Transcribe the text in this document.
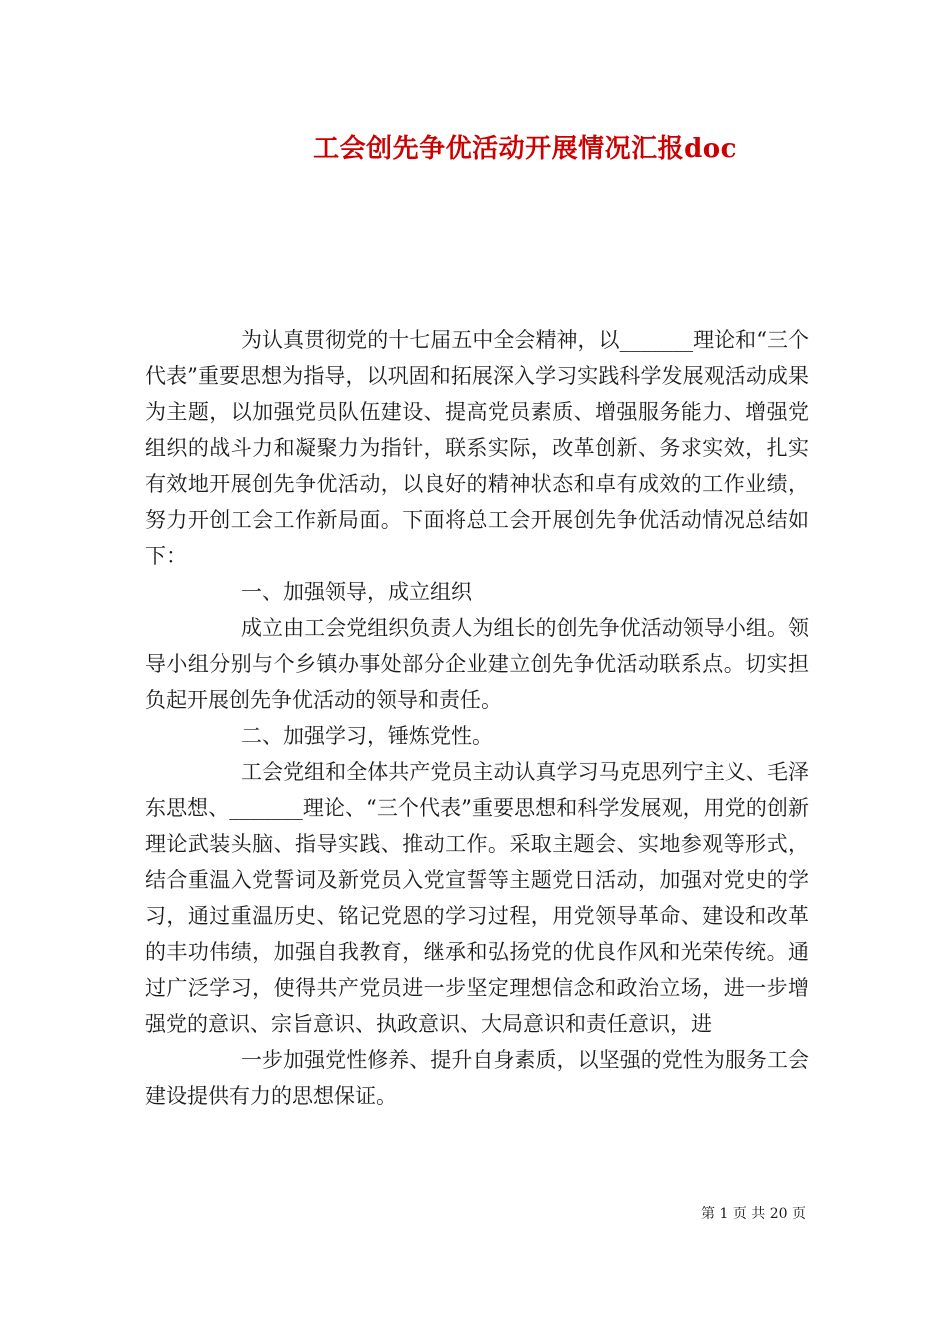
工会创先争优活动开展情况汇报doc

为认真贯彻党的十七届五中全会精神，以_______理论和“三个代表”重要思想为指导，以巩固和拓展深入学习实践科学发展观活动成果为主题，以加强党员队伍建设、提高党员素质、增强服务能力、增强党组织的战斗力和凝聚力为指针，联系实际，改革创新、务求实效，扎实有效地开展创先争优活动，以良好的精神状态和卓有成效的工作业绩，努力开创工会工作新局面。下面将总工会开展创先争优活动情况总结如下：

一、加强领导，成立组织

成立由工会党组织负责人为组长的创先争优活动领导小组。领导小组分别与个乡镇办事处部分企业建立创先争优活动联系点。切实担负起开展创先争优活动的领导和责任。

二、加强学习，锤炼党性。

工会党组和全体共产党员主动认真学习马克思列宁主义、毛泽东思想、_______理论、“三个代表”重要思想和科学发展观，用党的创新理论武装头脑、指导实践、推动工作。采取主题会、实地参观等形式，结合重温入党誓词及新党员入党宣誓等主题党日活动，加强对党史的学习，通过重温历史、铭记党恩的学习过程，用党领导革命、建设和改革的丰功伟绩，加强自我教育，继承和弘扬党的优良作风和光荣传统。通过广泛学习，使得共产党员进一步坚定理想信念和政治立场，进一步增强党的意识、宗旨意识、执政意识、大局意识和责任意识，进

一步加强党性修养、提升自身素质，以坚强的党性为服务工会建设提供有力的思想保证。

第 1 页 共 20 页
